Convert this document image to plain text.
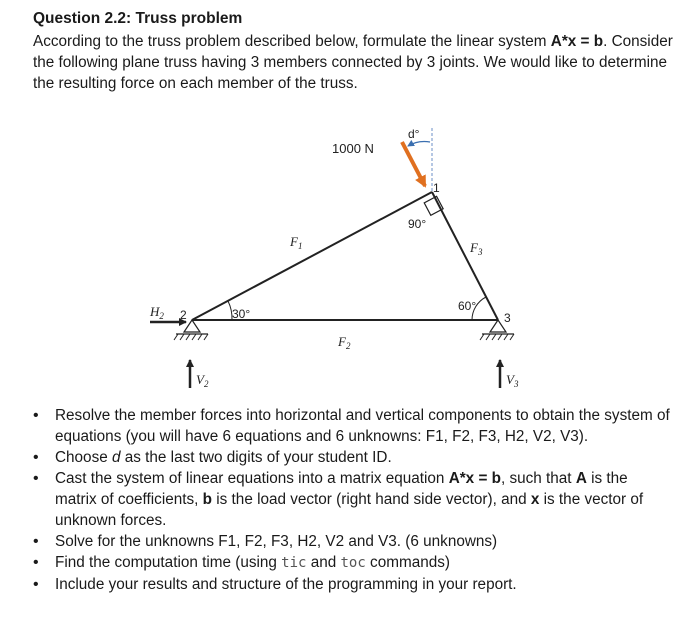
Question 2.2: Truss problem
According to the truss problem described below, formulate the linear system A*x = b. Consider the following plane truss having 3 members connected by 3 joints. We would like to determine the resulting force on each member of the truss.
1000 N
d°
1
90°
30°
60°
2	3
$F_1$
$F_2$
$F_3$
$H_2$
$V_2$	$V_3$
• Resolve the member forces into horizontal and vertical components to obtain the system of equations (you will have 6 equations and 6 unknowns: F1, F2, F3, H2, V2, V3).
• Choose d as the last two digits of your student ID.
• Cast the system of linear equations into a matrix equation A*x = b, such that A is the matrix of coefficients, b is the load vector (right hand side vector), and x is the vector of unknown forces.
• Solve for the unknowns F1, F2, F3, H2, V2 and V3. (6 unknowns)
• Find the computation time (using tic and toc commands)
• Include your results and structure of the programming in your report.
